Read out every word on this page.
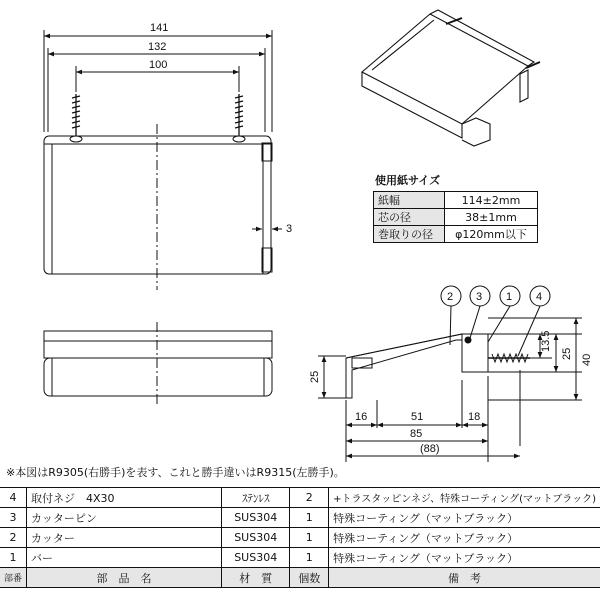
141
132
100
3
2 3 1 4
13.5
25 40
25
16	51	18
85
(88)
使用紙サイズ
紙幅	114±2mm
芯の径	38±1mm
巻取りの径	φ120mm以下
※本図はR9305(右勝手)を表す、これと勝手違いはR9315(左勝手)。
4	取付ネジ　4X30	ｽﾃﾝﾚｽ	2	+トラスタッピンネジ、特殊コーティング(マットブラック)
3	カッターピン	SUS304	1	特殊コーティング（マットブラック）
2	カッター	SUS304	1	特殊コーティング（マットブラック）
1	バー	SUS304	1	特殊コーティング（マットブラック）
部番	部　品　名	材　質	個数	備　考
